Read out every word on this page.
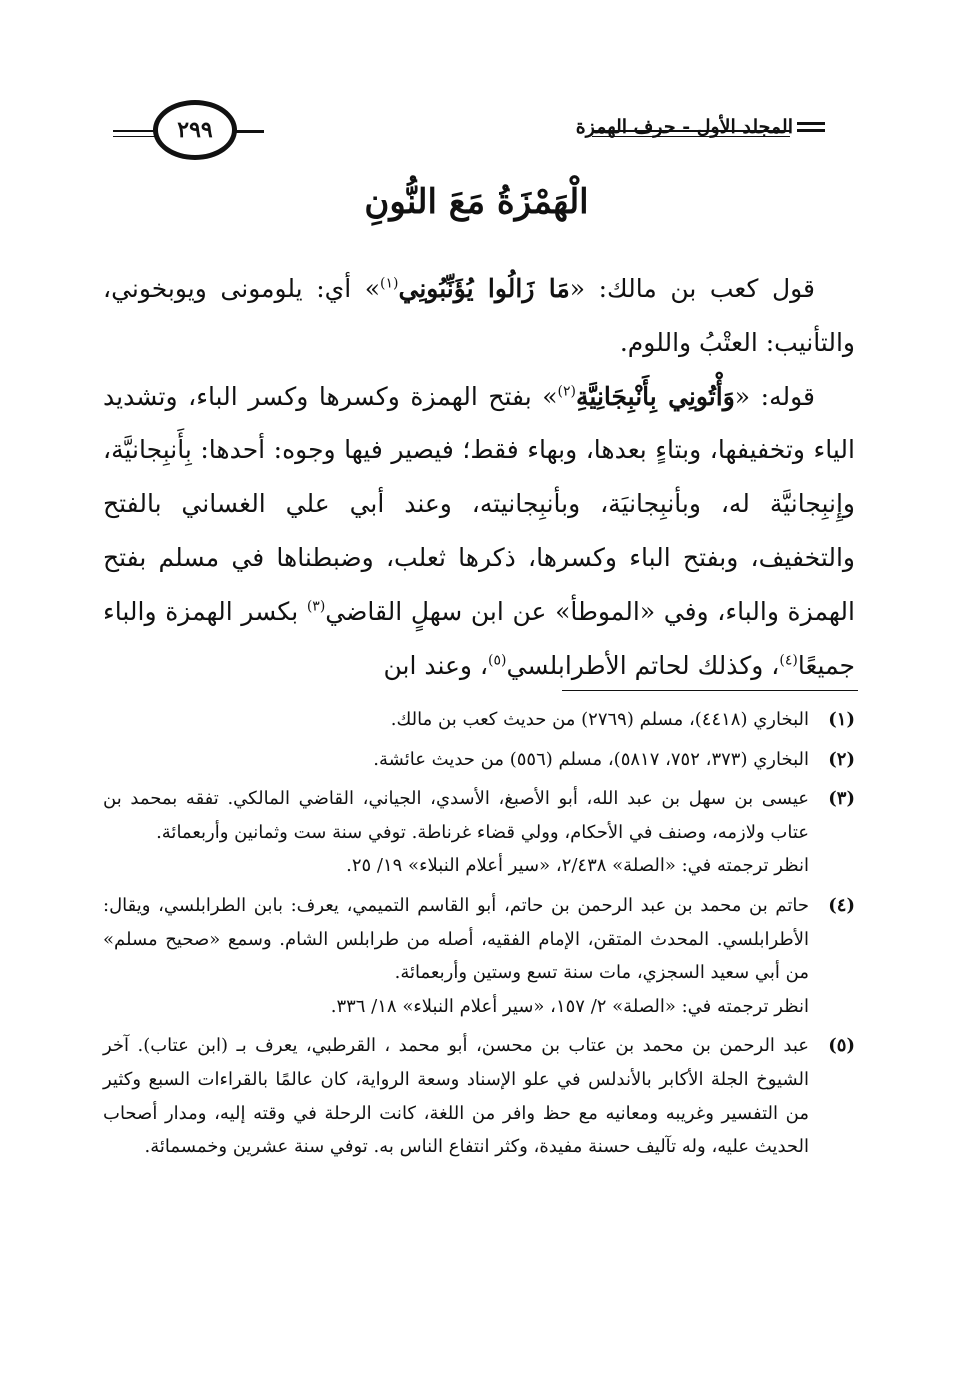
المجلد الأول - حرف الهمزة
٢٩٩
الْهَمْزَةُ مَعَ النُّونِ

قول كعب بن مالك: «مَا زَالُوا يُؤَنِّبُونِي$^{(١)}$» أي: يلومونى ويوبخوني، والتأنيب: العتْبُ واللوم.

قوله: «وَأْتُونِي بِأَنْبِجَانِيَّةِ$^{(٢)}$» بفتح الهمزة وكسرها وكسر الباء، وتشديد الياء وتخفيفها، وبتاءٍ بعدها، وبهاء فقط؛ فيصير فيها وجوه: أحدها: بِأَنبِجانيَّة، وإِنبِجانيَّة له، وبأنبِجانيَة، وبأنبِجانيته، وعند أبي علي الغساني بالفتح والتخفيف، وبفتح الباء وكسرها، ذكرها ثعلب، وضبطناها في مسلم بفتح الهمزة والباء، وفي «الموطأ» عن ابن سهلٍ القاضي$^{(٣)}$ بكسر الهمزة والباء جميعًا$^{(٤)}$، وكذلك لحاتم الأطرابلسي$^{(٥)}$، وعند ابن

(١)
البخاري (٤٤١٨)، مسلم (٢٧٦٩) من حديث كعب بن مالك.
(٢)
البخاري (٣٧٣، ٧٥٢، ٥٨١٧)، مسلم (٥٥٦) من حديث عائشة.
(٣)
عيسى بن سهل بن عبد الله، أبو الأصبغ، الأسدي، الجياني، القاضي المالكي. تفقه بمحمد بن عتاب ولازمه، وصنف في الأحكام، وولي قضاء غرناطة. توفي سنة ست وثمانين وأربعمائة.
انظر ترجمته في: «الصلة» ٢/٤٣٨، «سير أعلام النبلاء» ١٩/ ٢٥.
(٤)
حاتم بن محمد بن عبد الرحمن بن حاتم، أبو القاسم التميمي، يعرف: بابن الطرابلسي، ويقال: الأطرابلسي. المحدث المتقن، الإمام الفقيه، أصله من طرابلس الشام. وسمع «صحيح مسلم» من أبي سعيد السجزي، مات سنة تسع وستين وأربعمائة.
انظر ترجمته في: «الصلة» ٢/ ١٥٧، «سير أعلام النبلاء» ١٨/ ٣٣٦.
(٥)
عبد الرحمن بن محمد بن عتاب بن محسن، أبو محمد ، القرطبي، يعرف بـ (ابن عتاب). آخر الشيوخ الجلة الأكابر بالأندلس في علو الإسناد وسعة الرواية، كان عالمًا بالقراءات السبع وكثير من التفسير وغريبه ومعانيه مع حظ وافر من اللغة، كانت الرحلة في وقته إليه، ومدار أصحاب الحديث عليه، وله تآليف حسنة مفيدة، وكثر انتفاع الناس به. توفي سنة عشرين وخمسمائة.
